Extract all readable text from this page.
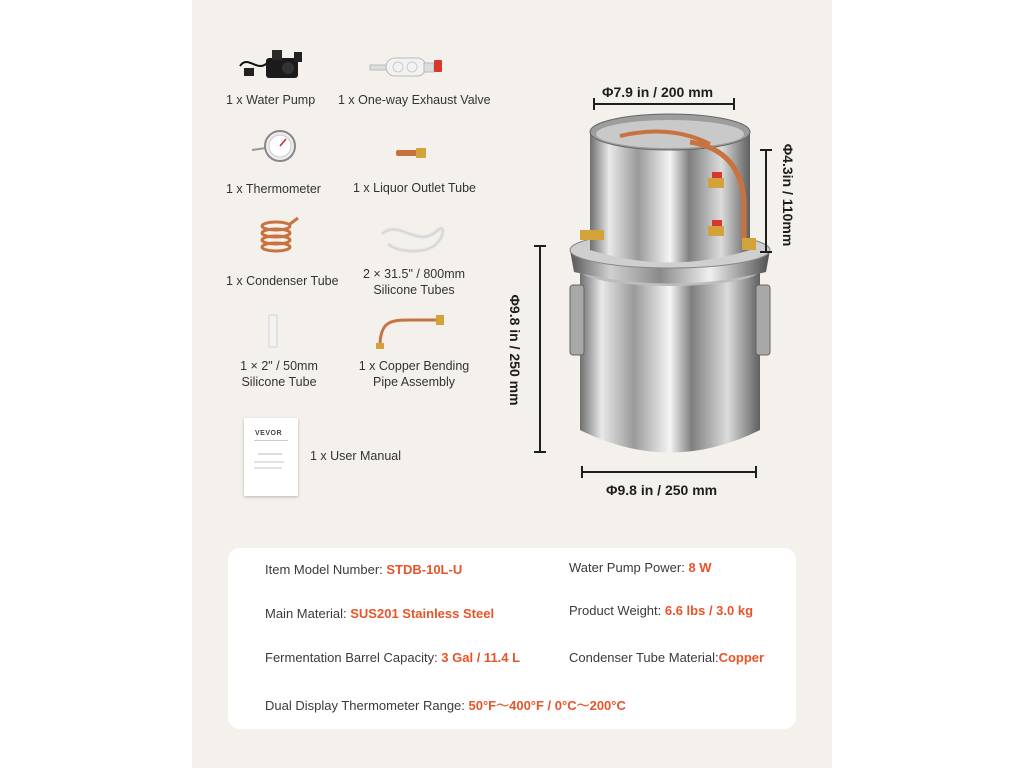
1 x Water Pump 1 x One-way Exhaust Valve
1 x Thermometer	1 x Liquor Outlet Tube
1 x Condenser Tube	2 × 31.5" / 800mm
Silicone Tubes
1 × 2" / 50mm
Silicone Tube
1 x Copper Bending
Pipe Assembly
VEVOR
1 x User Manual
Φ7.9 in / 200 mm
Φ4.3in / 110mm
Φ9.8 in / 250 mm
Φ9.8 in / 250 mm
Item Model Number: STDB-10L-U	Water Pump Power: 8 W
Main Material: SUS201 Stainless Steel	Product Weight: 6.6 lbs / 3.0 kg
Fermentation Barrel Capacity: 3 Gal / 11.4 L	Condenser Tube Material:Copper
Dual Display Thermometer Range: 50°F～400°F / 0°C～200°C
